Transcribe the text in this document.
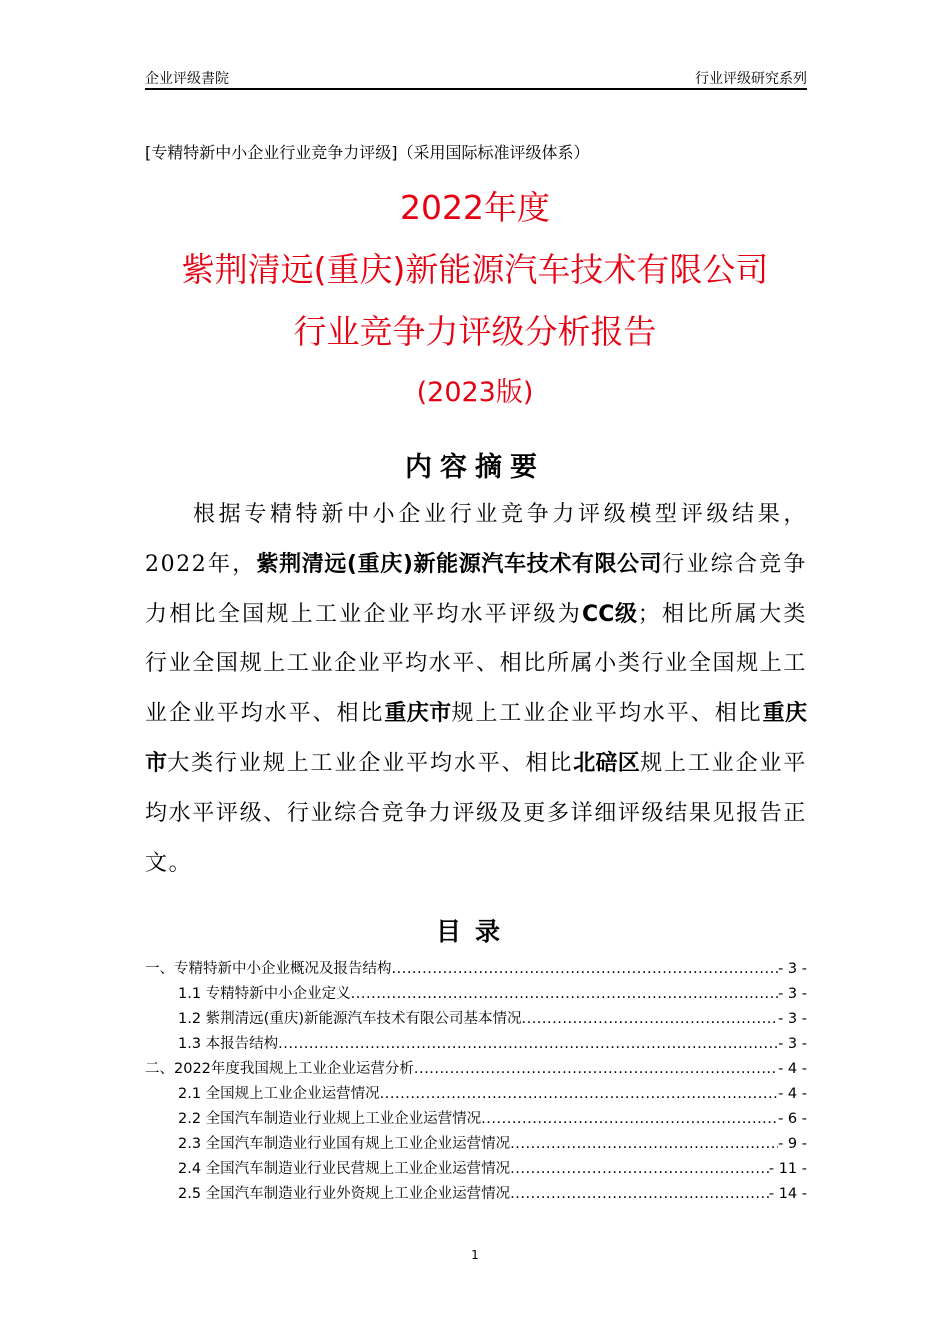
企业评级書院	行业评级研究系列
[专精特新中小企业行业竞争力评级]（采用国际标准评级体系）
2022年度
紫荆清远(重庆)新能源汽车技术有限公司
行业竞争力评级分析报告
(2023版)
内容摘要
根据专精特新中小企业行业竞争力评级模型评级结果，2022年，紫荆清远(重庆)新能源汽车技术有限公司行业综合竞争力相比全国规上工业企业平均水平评级为CC级；相比所属大类行业全国规上工业企业平均水平、相比所属小类行业全国规上工业企业平均水平、相比重庆市规上工业企业平均水平、相比重庆市大类行业规上工业企业平均水平、相比北碚区规上工业企业平均水平评级、行业综合竞争力评级及更多详细评级结果见报告正文。
目录
一、专精特新中小企业概况及报告结构 .....	- 3 -
1.1 专精特新中小企业定义 .....	- 3 -
1.2 紫荆清远(重庆)新能源汽车技术有限公司基本情况 .....	- 3 -
1.3 本报告结构 .....	- 3 -
二、2022年度我国规上工业企业运营分析 .....	- 4 -
2.1 全国规上工业企业运营情况 .....	- 4 -
2.2 全国汽车制造业行业规上工业企业运营情况 .....	- 6 -
2.3 全国汽车制造业行业国有规上工业企业运营情况 .....	- 9 -
2.4 全国汽车制造业行业民营规上工业企业运营情况 .....	- 11 -
2.5 全国汽车制造业行业外资规上工业企业运营情况 .....	- 14 -
1
